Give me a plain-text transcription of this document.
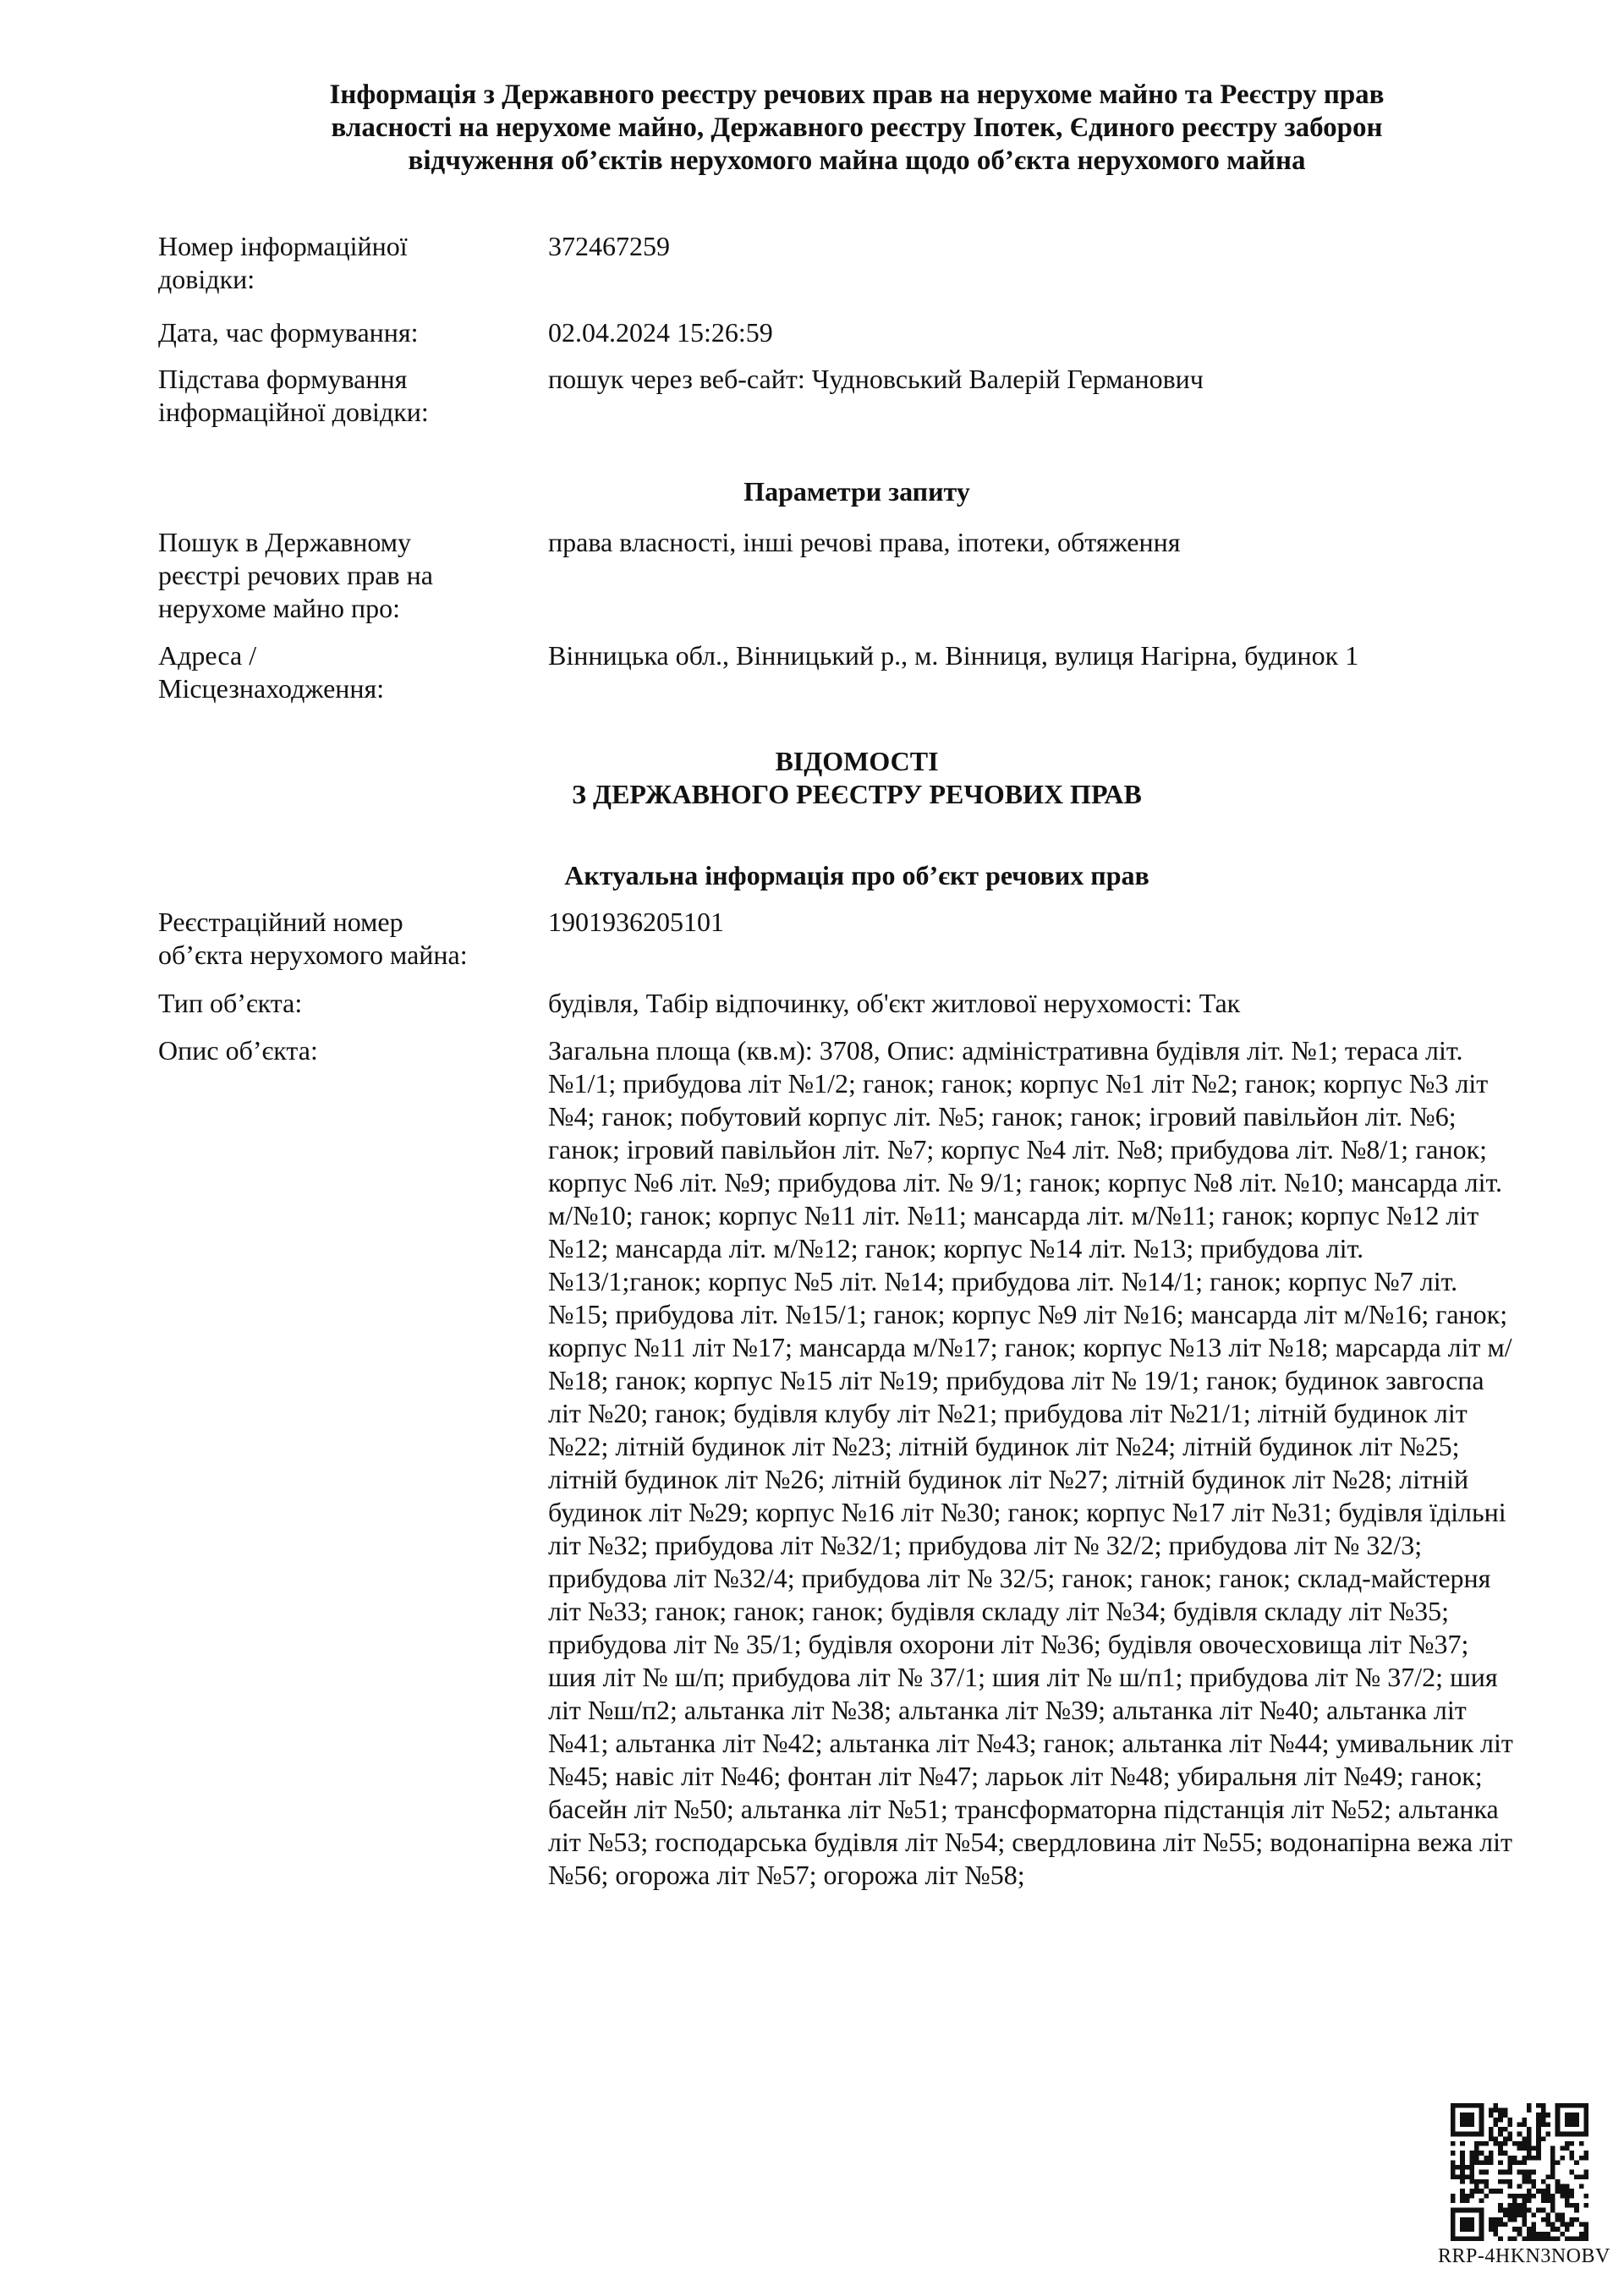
Інформація з Державного реєстру речових прав на нерухоме майно та Реєстру прав
власності на нерухоме майно, Державного реєстру Іпотек, Єдиного реєстру заборон
відчуження об’єктів нерухомого майна щодо об’єкта нерухомого майна
Номер інформаційної довідки:
372467259
Дата, час формування:	02.04.2024 15:26:59
Підстава формування інформаційної довідки:
пошук через веб-сайт: Чудновський Валерій Германович
Параметри запиту
Пошук в Державному реєстрі речових прав на нерухоме майно про:
права власності, інші речові права, іпотеки, обтяження
Адреса / Місцезнаходження:
Вінницька обл., Вінницький р., м. Вінниця, вулиця Нагірна, будинок 1
ВІДОМОСТІ
З ДЕРЖАВНОГО РЕЄСТРУ РЕЧОВИХ ПРАВ
Актуальна інформація про об’єкт речових прав
Реєстраційний номер об’єкта нерухомого майна:
1901936205101
Тип об’єкта:	будівля, Табір відпочинку, об'єкт житлової нерухомості: Так
Опис об’єкта:	Загальна площа (кв.м): 3708, Опис: адміністративна будівля літ. №1; тераса літ. №1/1; прибудова літ №1/2; ганок; ганок; корпус №1 літ №2; ганок; корпус №3 літ №4; ганок; побутовий корпус літ. №5; ганок; ганок; ігровий павільйон літ. №6; ганок; ігровий павільйон літ. №7; корпус №4 літ. №8; прибудова літ. №8/1; ганок; корпус №6 літ. №9; прибудова літ. № 9/1; ганок; корпус №8 літ. №10; мансарда літ. м/№10; ганок; корпус №11 літ. №11; мансарда літ. м/№11; ганок; корпус №12 літ №12; мансарда літ. м/№12; ганок; корпус №14 літ. №13; прибудова літ. №13/1;ганок; корпус №5 літ. №14; прибудова літ. №14/1; ганок; корпус №7 літ. №15; прибудова літ. №15/1; ганок; корпус №9 літ №16; мансарда літ м/№16; ганок; корпус №11 літ №17; мансарда м/№17; ганок; корпус №13 літ №18; марсарда літ м/№18; ганок; корпус №15 літ №19; прибудова літ № 19/1; ганок; будинок завгоспа літ №20; ганок; будівля клубу літ №21; прибудова літ №21/1; літній будинок літ №22; літній будинок літ №23; літній будинок літ №24; літній будинок літ №25; літній будинок літ №26; літній будинок літ №27; літній будинок літ №28; літній будинок літ №29; корпус №16 літ №30; ганок; корпус №17 літ №31; будівля їдільні літ №32; прибудова літ №32/1; прибудова літ № 32/2; прибудова літ № 32/3; прибудова літ №32/4; прибудова літ № 32/5; ганок; ганок; ганок; склад-майстерня літ №33; ганок; ганок; ганок; будівля складу літ №34; будівля складу літ №35; прибудова літ № 35/1; будівля охорони літ №36; будівля овочесховища літ №37; шия літ № ш/п; прибудова літ № 37/1; шия літ № ш/п1; прибудова літ № 37/2; шия літ №ш/п2; альтанка літ №38; альтанка літ №39; альтанка літ №40; альтанка літ №41; альтанка літ №42; альтанка літ №43; ганок; альтанка літ №44; умивальник літ №45; навіс літ №46; фонтан літ №47; ларьок літ №48; убиральня літ №49; ганок; басейн літ №50; альтанка літ №51; трансформаторна підстанція літ №52; альтанка літ №53; господарська будівля літ №54; свердловина літ №55; водонапірна вежа літ №56; огорожа літ №57; огорожа літ №58;
RRP-4HKN3NOBV
